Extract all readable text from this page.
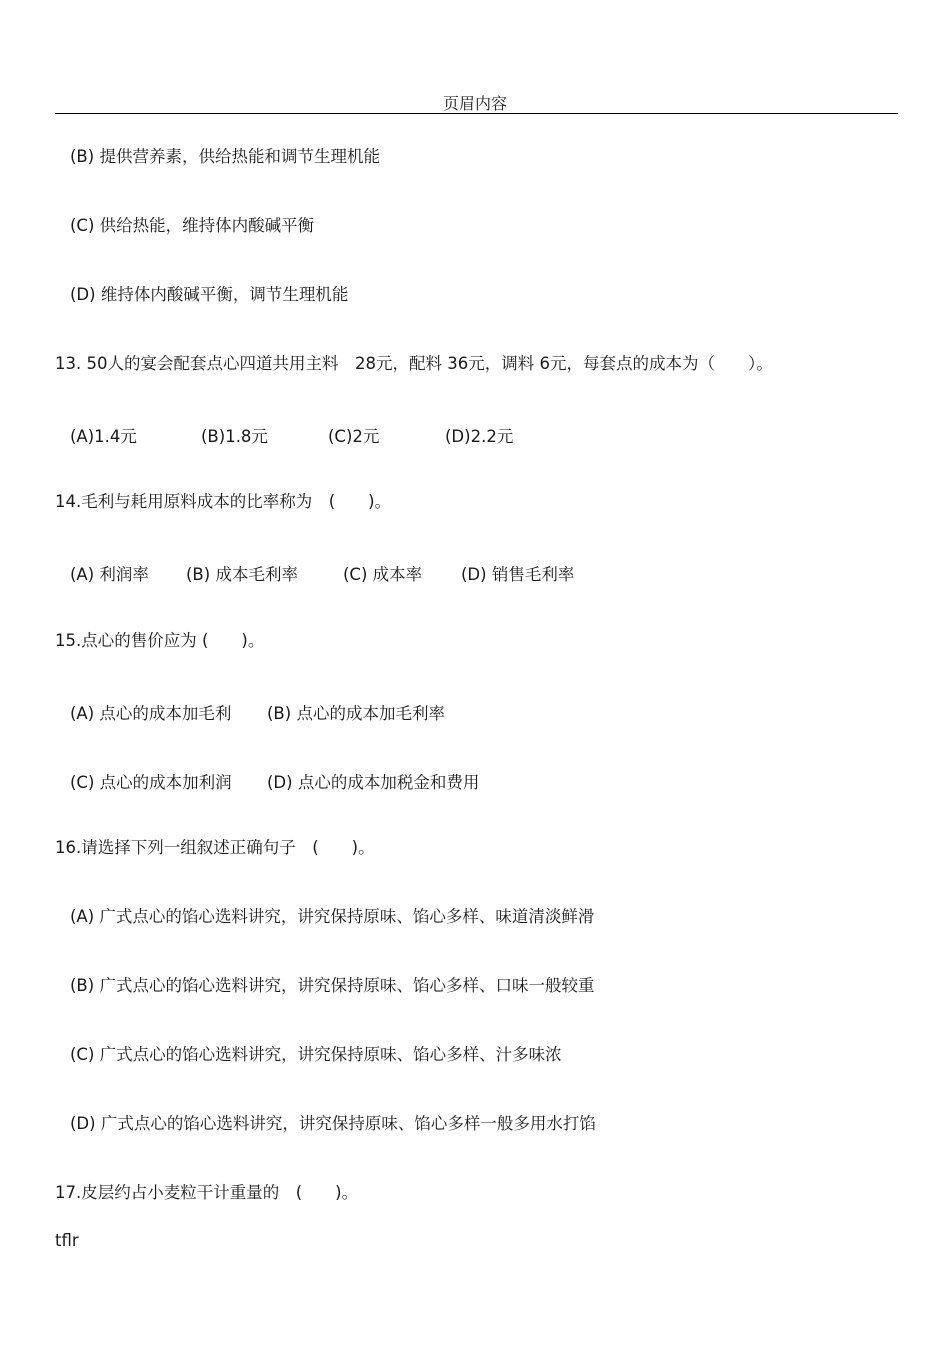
页眉内容
(B) 提供营养素，供给热能和调节生理机能
(C) 供给热能，维持体内酸碱平衡
(D) 维持体内酸碱平衡，调节生理机能
13. 50人的宴会配套点心四道共用主料　28元，配料 36元，调料 6元，每套点的成本为（　　）。
(A)1.4元	(B)1.8元	(C)2元	(D)2.2元
14.毛利与耗用原料成本的比率称为　(　　)。
(A) 利润率 (B) 成本毛利率	(C) 成本率 (D) 销售毛利率
15.点心的售价应为 (　　)。
(A) 点心的成本加毛利 (B) 点心的成本加毛利率
(C) 点心的成本加利润 (D) 点心的成本加税金和费用
16.请选择下列一组叙述正确句子　(　　)。
(A) 广式点心的馅心选料讲究，讲究保持原味、馅心多样、味道清淡鲜滑
(B) 广式点心的馅心选料讲究，讲究保持原味、馅心多样、口味一般较重
(C) 广式点心的馅心选料讲究，讲究保持原味、馅心多样、汁多味浓
(D) 广式点心的馅心选料讲究，讲究保持原味、馅心多样一般多用水打馅
17.皮层约占小麦粒干计重量的　(　　)。
tflr
